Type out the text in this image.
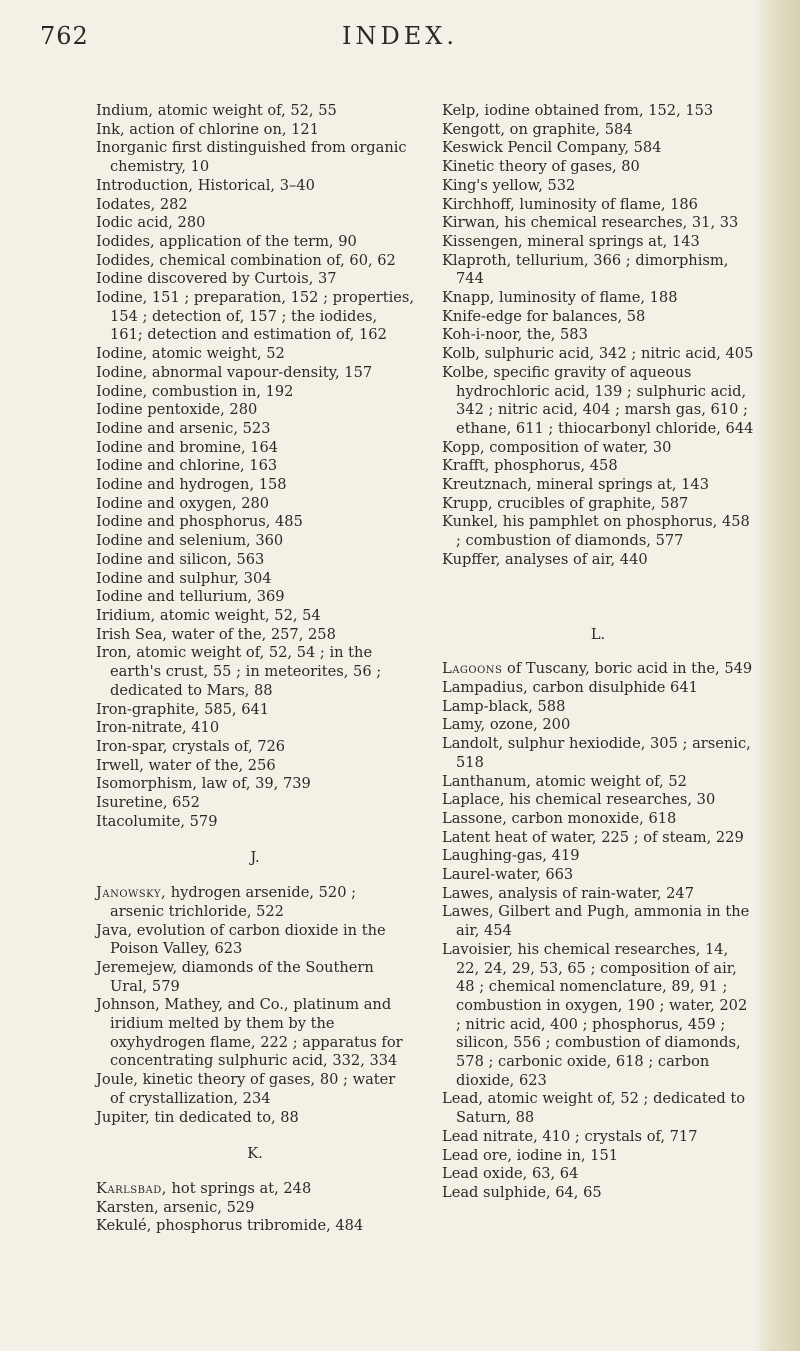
762	INDEX.

Indium, atomic weight of, 52, 55

Ink, action of chlorine on, 121

Inorganic first distinguished from organic chemistry, 10

Introduction, Historical, 3–40

Iodates, 282

Iodic acid, 280

Iodides, application of the term, 90

Iodides, chemical combination of, 60, 62

Iodine discovered by Curtois, 37

Iodine, 151 ; preparation, 152 ; properties, 154 ; detection of, 157 ; the iodides, 161; detection and estimation of, 162

Iodine, atomic weight, 52

Iodine, abnormal vapour-density, 157

Iodine, combustion in, 192

Iodine pentoxide, 280

Iodine and arsenic, 523

Iodine and bromine, 164

Iodine and chlorine, 163

Iodine and hydrogen, 158

Iodine and oxygen, 280

Iodine and phosphorus, 485

Iodine and selenium, 360

Iodine and silicon, 563

Iodine and sulphur, 304

Iodine and tellurium, 369

Iridium, atomic weight, 52, 54

Irish Sea, water of the, 257, 258

Iron, atomic weight of, 52, 54 ; in the earth's crust, 55 ; in meteorites, 56 ; dedicated to Mars, 88

Iron-graphite, 585, 641

Iron-nitrate, 410

Iron-spar, crystals of, 726

Irwell, water of the, 256

Isomorphism, law of, 39, 739

Isuretine, 652

Itacolumite, 579

J.

Janowsky, hydrogen arsenide, 520 ; arsenic trichloride, 522

Java, evolution of carbon dioxide in the Poison Valley, 623

Jeremejew, diamonds of the Southern Ural, 579

Johnson, Mathey, and Co., platinum and iridium melted by them by the oxyhydrogen flame, 222 ; apparatus for concentrating sulphuric acid, 332, 334

Joule, kinetic theory of gases, 80 ; water of crystallization, 234

Jupiter, tin dedicated to, 88

K.

Karlsbad, hot springs at, 248

Karsten, arsenic, 529

Kekulé, phosphorus tribromide, 484

Kelp, iodine obtained from, 152, 153

Kengott, on graphite, 584

Keswick Pencil Company, 584

Kinetic theory of gases, 80

King's yellow, 532

Kirchhoff, luminosity of flame, 186

Kirwan, his chemical researches, 31, 33

Kissengen, mineral springs at, 143

Klaproth, tellurium, 366 ; dimorphism, 744

Knapp, luminosity of flame, 188

Knife-edge for balances, 58

Koh-i-noor, the, 583

Kolb, sulphuric acid, 342 ; nitric acid, 405

Kolbe, specific gravity of aqueous hydrochloric acid, 139 ; sulphuric acid, 342 ; nitric acid, 404 ; marsh gas, 610 ; ethane, 611 ; thiocarbonyl chloride, 644

Kopp, composition of water, 30

Krafft, phosphorus, 458

Kreutznach, mineral springs at, 143

Krupp, crucibles of graphite, 587

Kunkel, his pamphlet on phosphorus, 458 ; combustion of diamonds, 577

Kupffer, analyses of air, 440

L.

Lagoons of Tuscany, boric acid in the, 549

Lampadius, carbon disulphide 641

Lamp-black, 588

Lamy, ozone, 200

Landolt, sulphur hexiodide, 305 ; arsenic, 518

Lanthanum, atomic weight of, 52

Laplace, his chemical researches, 30

Lassone, carbon monoxide, 618

Latent heat of water, 225 ; of steam, 229

Laughing-gas, 419

Laurel-water, 663

Lawes, analysis of rain-water, 247

Lawes, Gilbert and Pugh, ammonia in the air, 454

Lavoisier, his chemical researches, 14, 22, 24, 29, 53, 65 ; composition of air, 48 ; chemical nomenclature, 89, 91 ; combustion in oxygen, 190 ; water, 202 ; nitric acid, 400 ; phosphorus, 459 ; silicon, 556 ; combustion of diamonds, 578 ; carbonic oxide, 618 ; carbon dioxide, 623

Lead, atomic weight of, 52 ; dedicated to Saturn, 88

Lead nitrate, 410 ; crystals of, 717

Lead ore, iodine in, 151

Lead oxide, 63, 64

Lead sulphide, 64, 65
